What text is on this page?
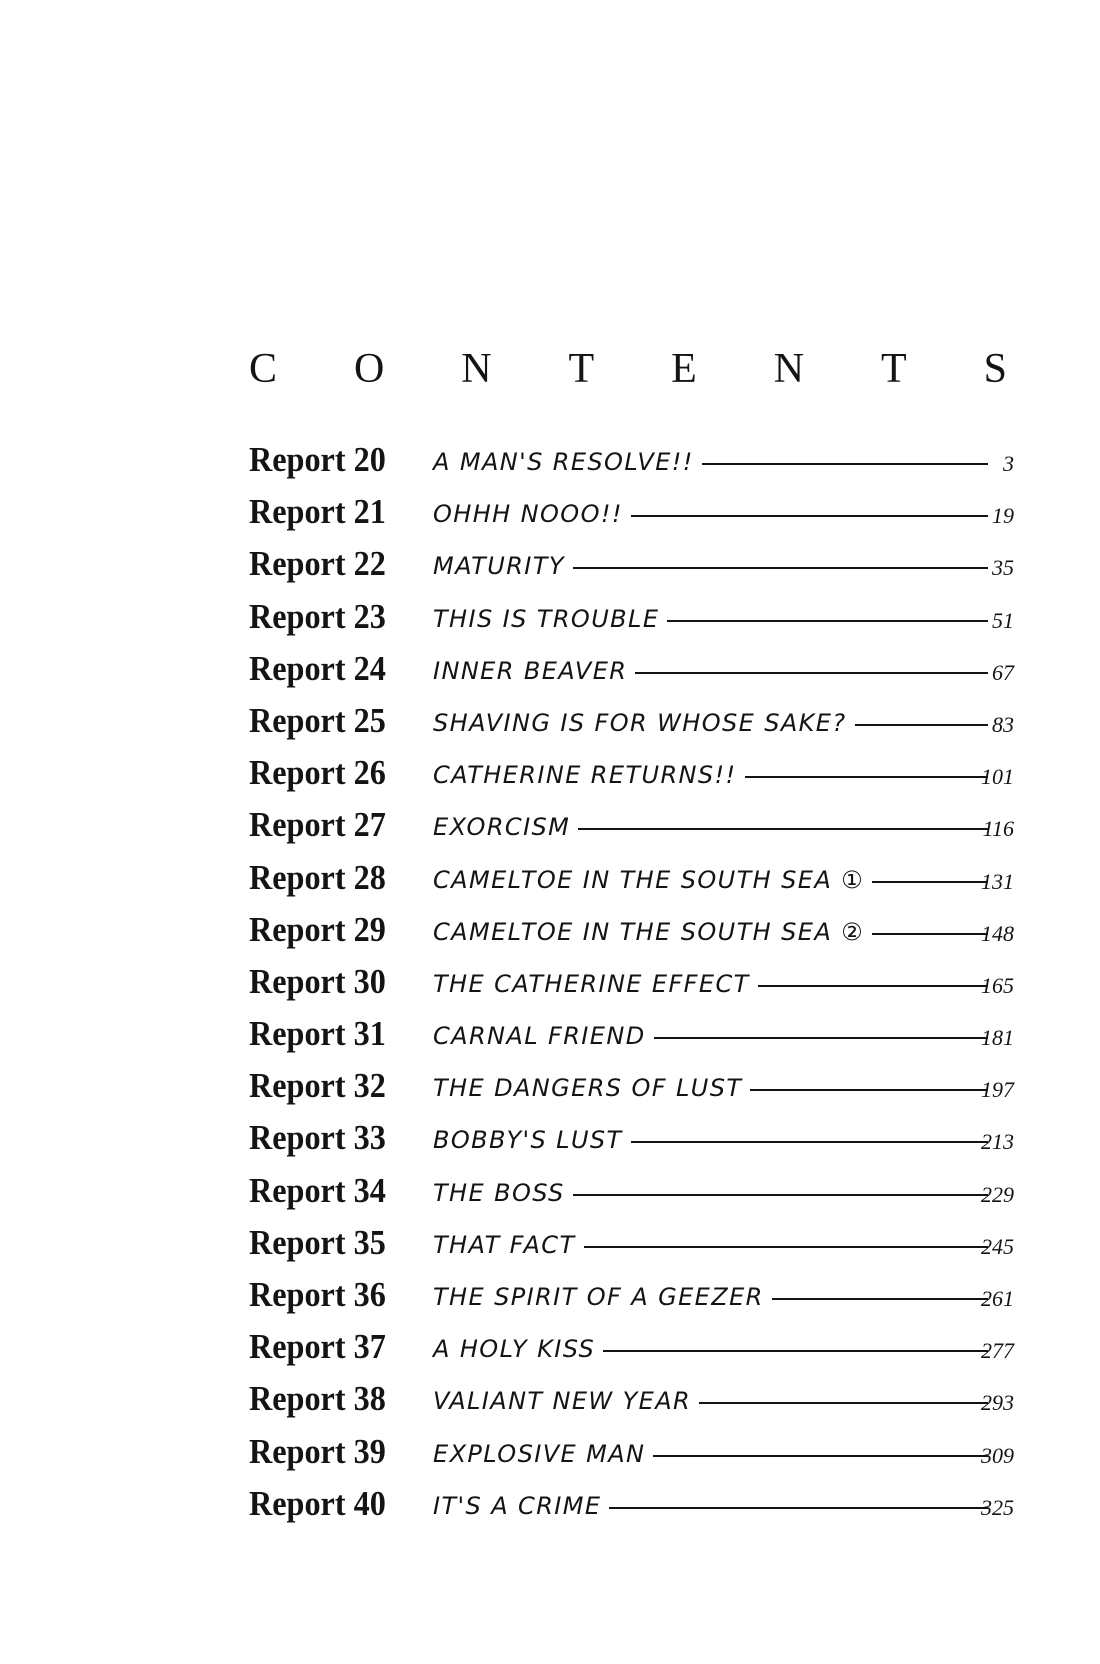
C O N T E N T S
Report 20 A MAN'S RESOLVE!!	3
Report 21 OHHH NOOO!!	19
Report 22 MATURITY	35
Report 23 THIS IS TROUBLE	51
Report 24 INNER BEAVER	67
Report 25 SHAVING IS FOR WHOSE SAKE?	83
Report 26 CATHERINE RETURNS!!	101
Report 27 EXORCISM	116
Report 28 CAMELTOE IN THE SOUTH SEA ①	131
Report 29 CAMELTOE IN THE SOUTH SEA ②	148
Report 30 THE CATHERINE EFFECT	165
Report 31 CARNAL FRIEND	181
Report 32 THE DANGERS OF LUST	197
Report 33 BOBBY'S LUST	213
Report 34 THE BOSS	229
Report 35 THAT FACT	245
Report 36 THE SPIRIT OF A GEEZER	261
Report 37 A HOLY KISS	277
Report 38 VALIANT NEW YEAR	293
Report 39 EXPLOSIVE MAN	309
Report 40 IT'S A CRIME	325
